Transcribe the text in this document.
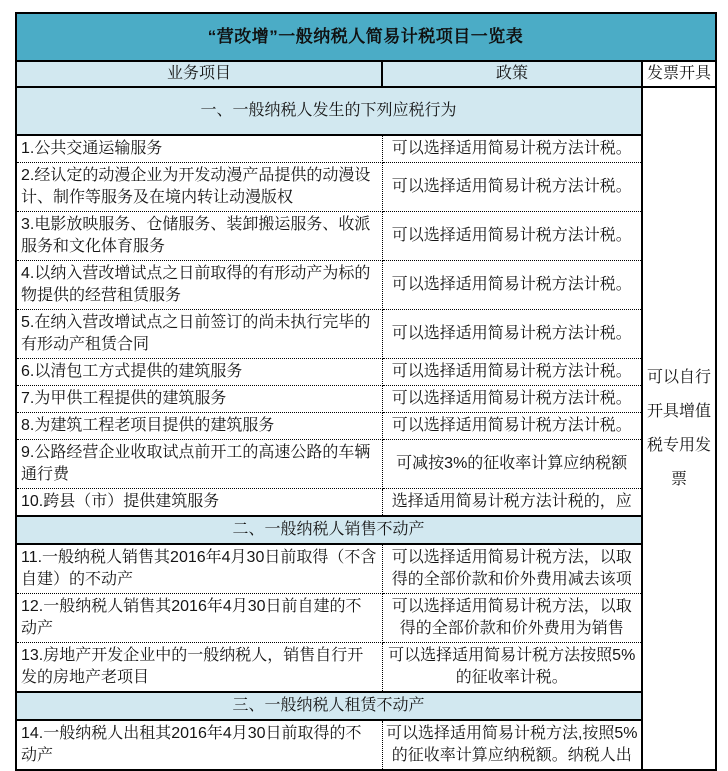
“营改增”一般纳税人简易计税项目一览表		
业务项目	政策	发票开具
一、一般纳税人发生的下列应税行为		可以自行开具增值税专用发票
1.公共交通运输服务	可以选择适用简易计税方法计税。	
2.经认定的动漫企业为开发动漫产品提供的动漫设计、制作等服务及在境内转让动漫版权	可以选择适用简易计税方法计税。	
3.电影放映服务、仓储服务、装卸搬运服务、收派服务和文化体育服务	可以选择适用简易计税方法计税。	
4.以纳入营改增试点之日前取得的有形动产为标的物提供的经营租赁服务	可以选择适用简易计税方法计税。	
5.在纳入营改增试点之日前签订的尚未执行完毕的有形动产租赁合同	可以选择适用简易计税方法计税。	
6.以清包工方式提供的建筑服务	可以选择适用简易计税方法计税。	
7.为甲供工程提供的建筑服务	可以选择适用简易计税方法计税。	
8.为建筑工程老项目提供的建筑服务	可以选择适用简易计税方法计税。	
9.公路经营企业收取试点前开工的高速公路的车辆通行费	可减按3%的征收率计算应纳税额	
10.跨县（市）提供建筑服务	选择适用简易计税方法计税的，应	
二、一般纳税人销售不动产		
11.一般纳税人销售其2016年4月30日前取得（不含自建）的不动产	可以选择适用简易计税方法，以取得的全部价款和价外费用减去该项	
12.一般纳税人销售其2016年4月30日前自建的不动产	可以选择适用简易计税方法，以取得的全部价款和价外费用为销售	
13.房地产开发企业中的一般纳税人，销售自行开发的房地产老项目	可以选择适用简易计税方法按照5%的征收率计税。	
三、一般纳税人租赁不动产		
14.一般纳税人出租其2016年4月30日前取得的不动产	可以选择适用简易计税方法,按照5%的征收率计算应纳税额。纳税人出	
